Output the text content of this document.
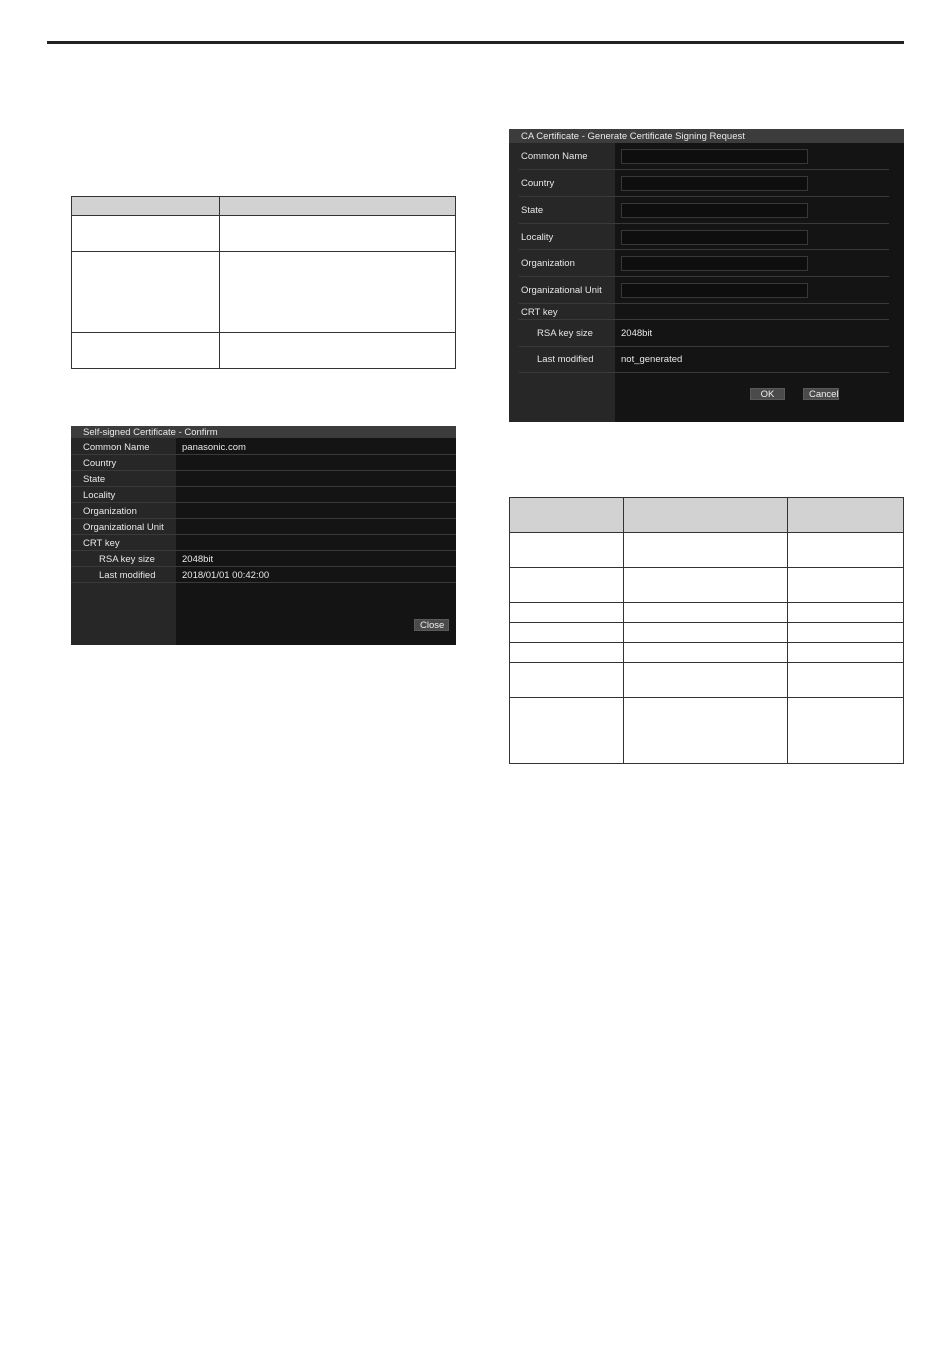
Self-signed Certificate - Confirm
Common Name	panasonic.com
Country
State
Locality
Organization
Organizational Unit
CRT key
RSA key size	2048bit
Last modified	2018/01/01 00:42:00
Close
CA Certificate - Generate Certificate Signing Request
Common Name
Country
State
Locality
Organization
Organizational Unit
CRT key
RSA key size	2048bit
Last modified	not_generated
OK	Cancel
